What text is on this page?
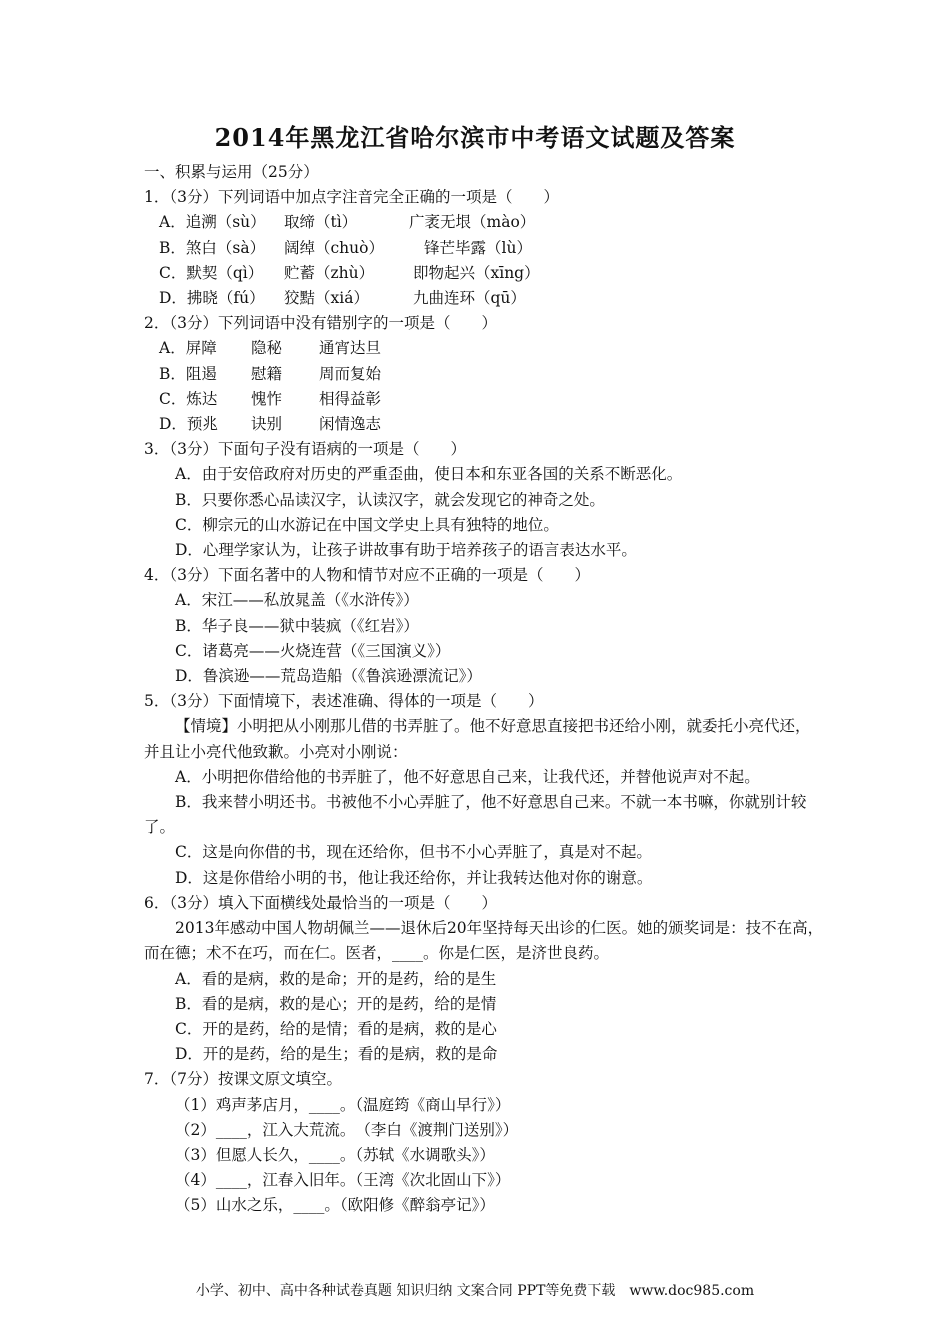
2014年黑龙江省哈尔滨市中考语文试题及答案
一、积累与运用（25分）
1．（3分）下列词语中加点字注音完全正确的一项是（　　）
A．追溯（sù） 取缔（tì）	广袤无垠（mào）
B．煞白（sà） 阔绰（chuò）	锋芒毕露（lù）
C．默契（qì） 贮蓄（zhù）	即物起兴（xīng）
D．拂晓（fú） 狡黠（xiá）	九曲连环（qū）
2．（3分）下列词语中没有错别字的一项是（　　）
A．屏障 隐秘 通宵达旦
B．阻遏 慰籍 周而复始
C．炼达 愧怍 相得益彰
D．预兆 诀别 闲情逸志
3．（3分）下面句子没有语病的一项是（　　）
A．由于安倍政府对历史的严重歪曲，使日本和东亚各国的关系不断恶化。
B．只要你悉心品读汉字，认读汉字，就会发现它的神奇之处。
C．柳宗元的山水游记在中国文学史上具有独特的地位。
D．心理学家认为，让孩子讲故事有助于培养孩子的语言表达水平。
4．（3分）下面名著中的人物和情节对应不正确的一项是（　　）
A．宋江——私放晁盖（《水浒传》）
B．华子良——狱中装疯（《红岩》）
C．诸葛亮——火烧连营（《三国演义》）
D．鲁滨逊——荒岛造船（《鲁滨逊漂流记》）
5．（3分）下面情境下，表述准确、得体的一项是（　　）
【情境】小明把从小刚那儿借的书弄脏了。他不好意思直接把书还给小刚，就委托小亮代还，并且让小亮代他致歉。小亮对小刚说：
A．小明把你借给他的书弄脏了，他不好意思自己来，让我代还，并替他说声对不起。
B．我来替小明还书。书被他不小心弄脏了，他不好意思自己来。不就一本书嘛，你就别计较了。
C．这是向你借的书，现在还给你，但书不小心弄脏了，真是对不起。
D．这是你借给小明的书，他让我还给你，并让我转达他对你的谢意。
6．（3分）填入下面横线处最恰当的一项是（　　）
2013年感动中国人物胡佩兰——退休后20年坚持每天出诊的仁医。她的颁奖词是：技不在高，而在德；术不在巧，而在仁。医者，____。你是仁医，是济世良药。
A．看的是病，救的是命；开的是药，给的是生
B．看的是病，救的是心；开的是药，给的是情
C．开的是药，给的是情；看的是病，救的是心
D．开的是药，给的是生；看的是病，救的是命
7．（7分）按课文原文填空。
（1）鸡声茅店月，____。（温庭筠《商山早行》）
（2）____，江入大荒流。　（李白《渡荆门送别》）
（3）但愿人长久，____。（苏轼《水调歌头》）
（4）____，江春入旧年。（王湾《次北固山下》）
（5）山水之乐，____。（欧阳修《醉翁亭记》）
小学、初中、高中各种试卷真题 知识归纳 文案合同 PPT等免费下载　www.doc985.com
